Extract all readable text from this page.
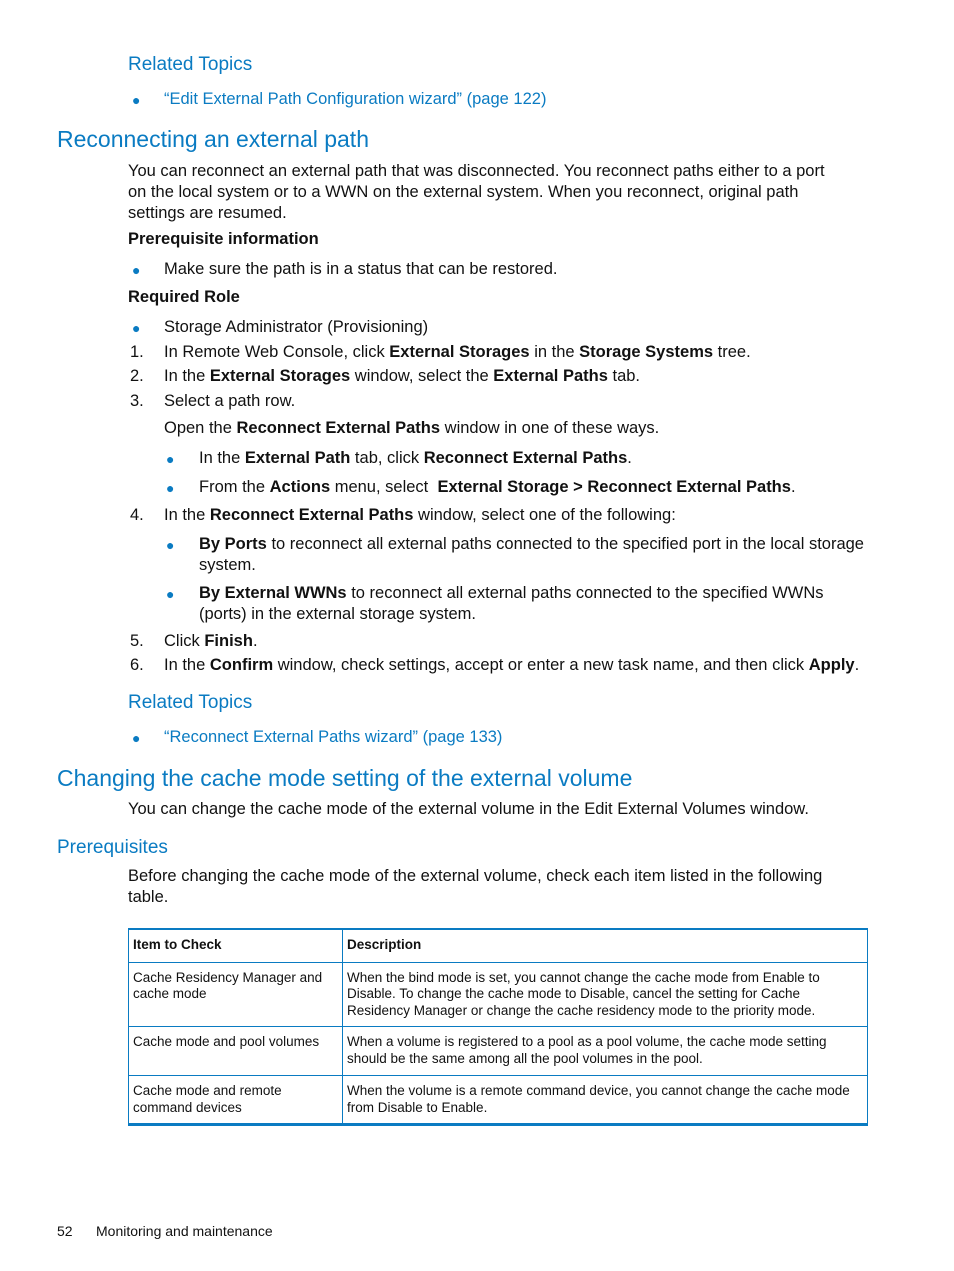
Related Topics
● “Edit External Path Configuration wizard” (page 122)
Reconnecting an external path
You can reconnect an external path that was disconnected. You reconnect paths either to a port
on the local system or to a WWN on the external system. When you reconnect, original path
settings are resumed.
Prerequisite information
● Make sure the path is in a status that can be restored.
Required Role
● Storage Administrator (Provisioning)
1. In Remote Web Console, click External Storages in the Storage Systems tree.
2. In the External Storages window, select the External Paths tab.
3. Select a path row.
Open the Reconnect External Paths window in one of these ways.
● In the External Path tab, click Reconnect External Paths.
● From the Actions menu, select  External Storage > Reconnect External Paths.
4. In the Reconnect External Paths window, select one of the following:
● By Ports to reconnect all external paths connected to the specified port in the local storage
system.
● By External WWNs to reconnect all external paths connected to the specified WWNs
(ports) in the external storage system.
5. Click Finish.
6. In the Confirm window, check settings, accept or enter a new task name, and then click Apply.
Related Topics
● “Reconnect External Paths wizard” (page 133)
Changing the cache mode setting of the external volume
You can change the cache mode of the external volume in the Edit External Volumes window.
Prerequisites
Before changing the cache mode of the external volume, check each item listed in the following
table.
Item to Check	Description
Cache Residency Manager and cache mode	When the bind mode is set, you cannot change the cache mode from Enable to Disable. To change the cache mode to Disable, cancel the setting for Cache Residency Manager or change the cache residency mode to the priority mode.
Cache mode and pool volumes	When a volume is registered to a pool as a pool volume, the cache mode setting should be the same among all the pool volumes in the pool.
Cache mode and remote command devices	When the volume is a remote command device, you cannot change the cache mode from Disable to Enable.
52 Monitoring and maintenance
